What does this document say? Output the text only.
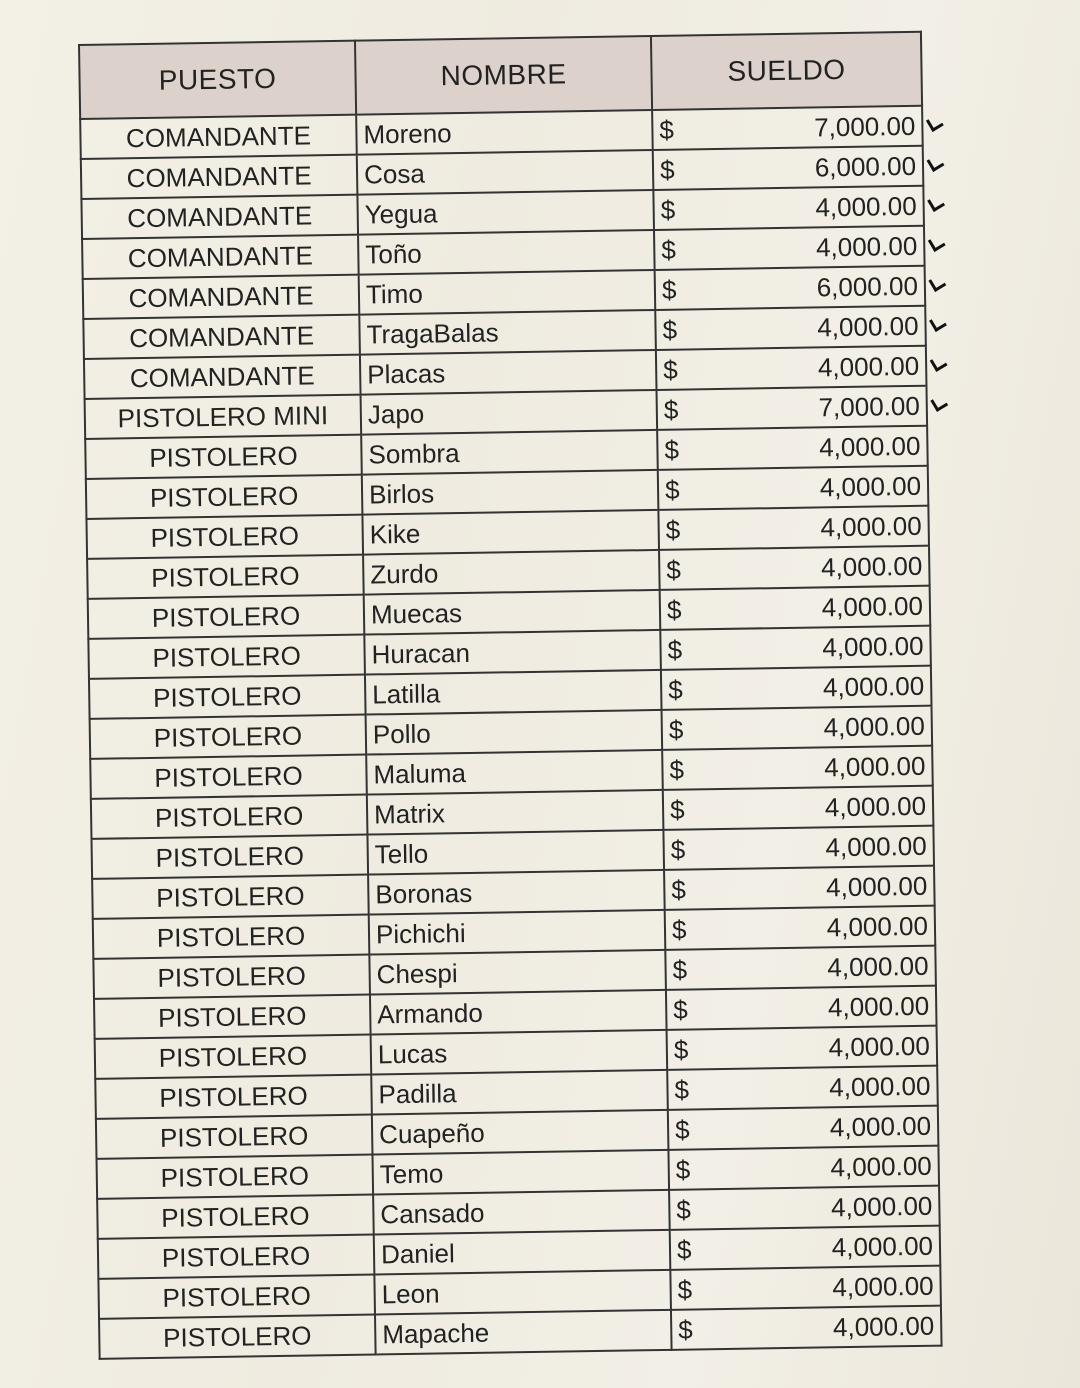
PUESTO	NOMBRE	SUELDO
COMANDANTE	Moreno	$ 7,000.00

COMANDANTE	Cosa	$ 6,000.00

COMANDANTE	Yegua	$ 4,000.00

COMANDANTE	Toño	$ 4,000.00

COMANDANTE	Timo	$ 6,000.00

COMANDANTE	TragaBalas	$ 4,000.00

COMANDANTE	Placas	$ 4,000.00

PISTOLERO MINI	Japo	$ 7,000.00

PISTOLERO	Sombra	$ 4,000.00

PISTOLERO	Birlos	$ 4,000.00

PISTOLERO	Kike	$ 4,000.00

PISTOLERO	Zurdo	$ 4,000.00

PISTOLERO	Muecas	$ 4,000.00

PISTOLERO	Huracan	$ 4,000.00

PISTOLERO	Latilla	$ 4,000.00

PISTOLERO	Pollo	$ 4,000.00

PISTOLERO	Maluma	$ 4,000.00

PISTOLERO	Matrix	$ 4,000.00

PISTOLERO	Tello	$ 4,000.00

PISTOLERO	Boronas	$ 4,000.00

PISTOLERO	Pichichi	$ 4,000.00

PISTOLERO	Chespi	$ 4,000.00

PISTOLERO	Armando	$ 4,000.00

PISTOLERO	Lucas	$ 4,000.00

PISTOLERO	Padilla	$ 4,000.00

PISTOLERO	Cuapeño	$ 4,000.00

PISTOLERO	Temo	$ 4,000.00

PISTOLERO	Cansado	$ 4,000.00

PISTOLERO	Daniel	$ 4,000.00

PISTOLERO	Leon	$ 4,000.00

PISTOLERO	Mapache	$ 4,000.00
